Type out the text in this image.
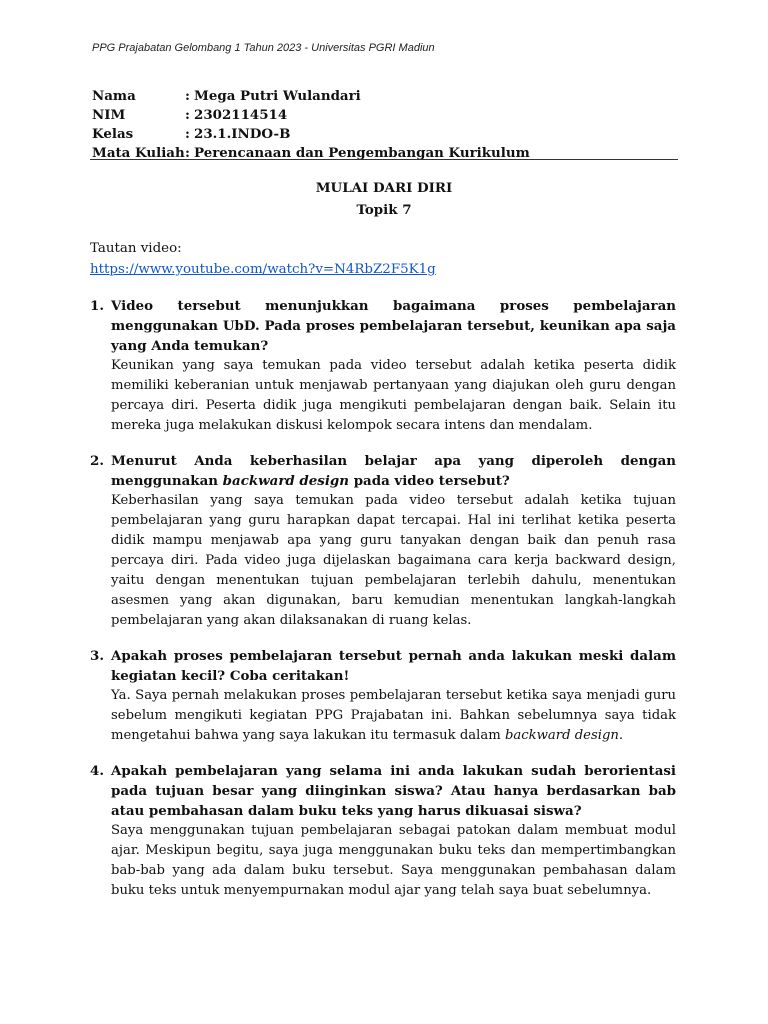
PPG Prajabatan Gelombang 1 Tahun 2023 - Universitas PGRI Madiun
Nama	: Mega Putri Wulandari
NIM	: 2302114514
Kelas	: 23.1.INDO-B
Mata Kuliah : Perencanaan dan Pengembangan Kurikulum
MULAI DARI DIRI
Topik 7
Tautan video:
https://www.youtube.com/watch?v=N4RbZ2F5K1g
1. Video tersebut menunjukkan bagaimana proses pembelajaran menggunakan UbD. Pada proses pembelajaran tersebut, keunikan apa saja yang Anda temukan?
Keunikan yang saya temukan pada video tersebut adalah ketika peserta didik memiliki keberanian untuk menjawab pertanyaan yang diajukan oleh guru dengan percaya diri. Peserta didik juga mengikuti pembelajaran dengan baik. Selain itu mereka juga melakukan diskusi kelompok secara intens dan mendalam.
2. Menurut Anda keberhasilan belajar apa yang diperoleh dengan menggunakan backward design pada video tersebut?
Keberhasilan yang saya temukan pada video tersebut adalah ketika tujuan pembelajaran yang guru harapkan dapat tercapai. Hal ini terlihat ketika peserta didik mampu menjawab apa yang guru tanyakan dengan baik dan penuh rasa percaya diri. Pada video juga dijelaskan bagaimana cara kerja backward design, yaitu dengan menentukan tujuan pembelajaran terlebih dahulu, menentukan asesmen yang akan digunakan, baru kemudian menentukan langkah-langkah pembelajaran yang akan dilaksanakan di ruang kelas.
3. Apakah proses pembelajaran tersebut pernah anda lakukan meski dalam kegiatan kecil? Coba ceritakan!
Ya. Saya pernah melakukan proses pembelajaran tersebut ketika saya menjadi guru sebelum mengikuti kegiatan PPG Prajabatan ini. Bahkan sebelumnya saya tidak mengetahui bahwa yang saya lakukan itu termasuk dalam backward design.
4. Apakah pembelajaran yang selama ini anda lakukan sudah berorientasi pada tujuan besar yang diinginkan siswa? Atau hanya berdasarkan bab atau pembahasan dalam buku teks yang harus dikuasai siswa?
Saya menggunakan tujuan pembelajaran sebagai patokan dalam membuat modul ajar. Meskipun begitu, saya juga menggunakan buku teks dan mempertimbangkan bab-bab yang ada dalam buku tersebut. Saya menggunakan pembahasan dalam buku teks untuk menyempurnakan modul ajar yang telah saya buat sebelumnya.
